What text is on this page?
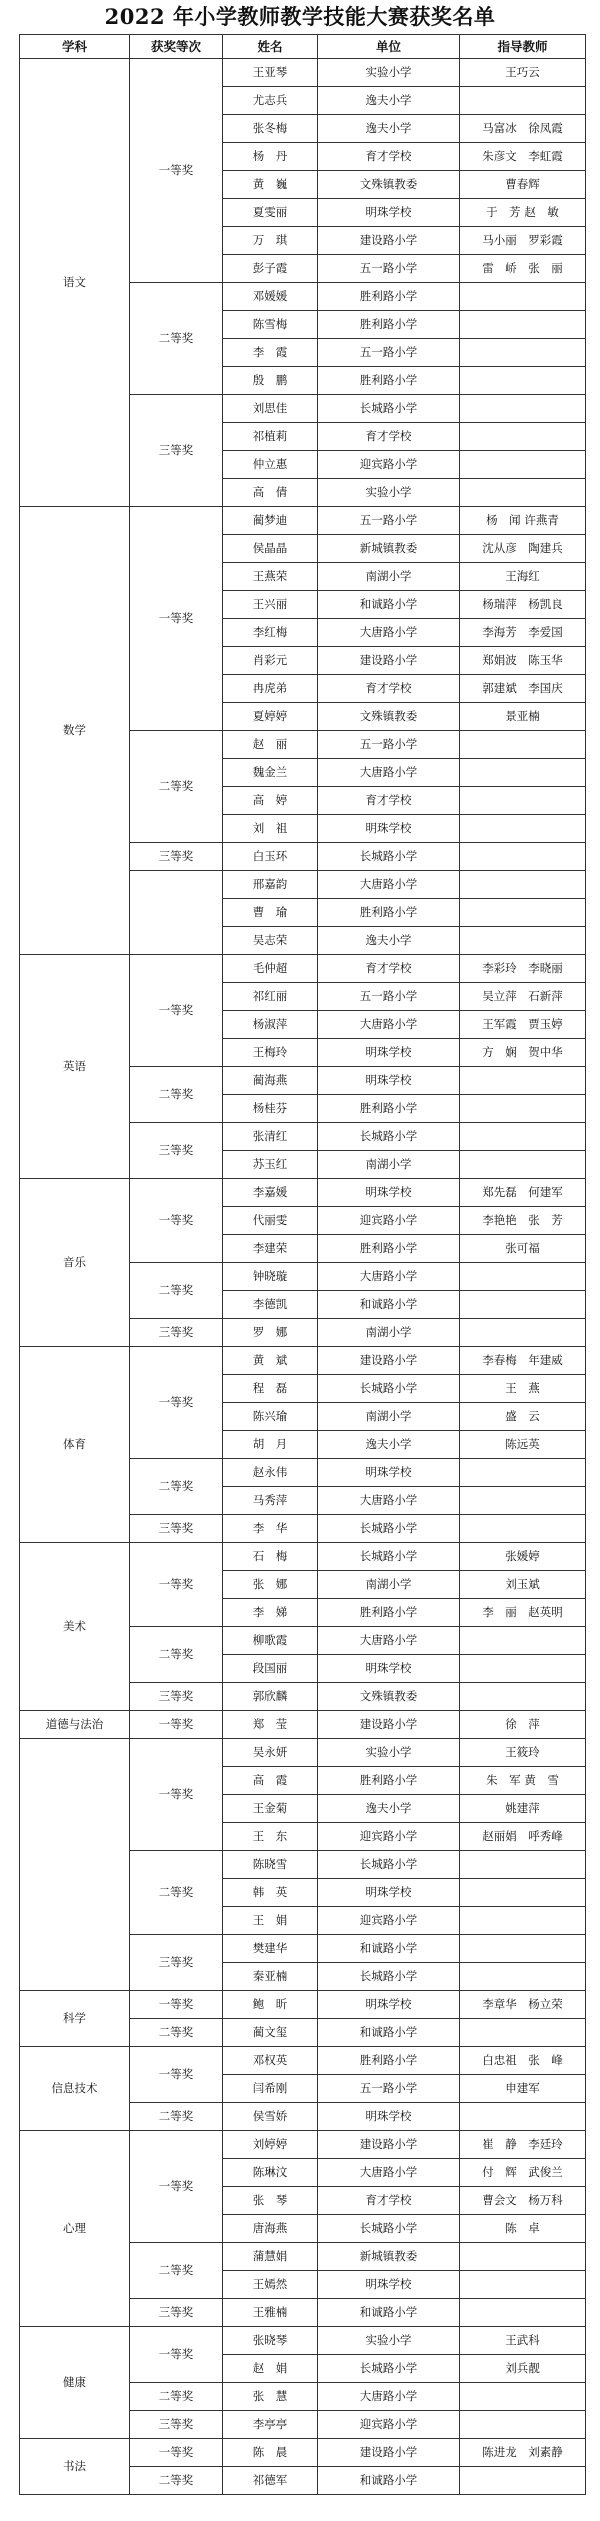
2022 年小学教师教学技能大赛获奖名单
学科	获奖等次	姓名	单位	指导教师
语文	一等奖	王亚琴	实验小学	王巧云
		尤志兵	逸夫小学	
		张冬梅	逸夫小学	马富冰　徐凤霞
		杨　丹	育才学校	朱彦文　李虹霞
		黄　巍	文殊镇教委	曹春辉
		夏雯丽	明珠学校	于　芳 赵　敏
		万　琪	建设路小学	马小丽　罗彩霞
		彭子霞	五一路小学	雷　峤　张　丽
	二等奖	邓媛媛	胜利路小学	
		陈雪梅	胜利路小学	
		李　霞	五一路小学	
		殷　鹏	胜利路小学	
	三等奖	刘思佳	长城路小学	
		祁植莉	育才学校	
		仲立惠	迎宾路小学	
		高　倩	实验小学	
数学	一等奖	蔺梦迪	五一路小学	杨　闻 许燕青
		侯晶晶	新城镇教委	沈从彦　陶建兵
		王燕荣	南湖小学	王海红
		王兴丽	和诚路小学	杨瑞萍　杨凯良
		李红梅	大唐路小学	李海芳　李爱国
		肖彩元	建设路小学	郑娟波　陈玉华
		冉虎弟	育才学校	郭建斌　李国庆
		夏婷婷	文殊镇教委	景亚楠
	二等奖	赵　丽	五一路小学	
		魏金兰	大唐路小学	
		高　婷	育才学校	
		刘　祖	明珠学校	
	三等奖	白玉环	长城路小学	
		邢嘉韵	大唐路小学	
		曹　瑜	胜利路小学	
		吴志荣	逸夫小学	
英语	一等奖	毛仲超	育才学校	李彩玲　李晓丽
		祁红丽	五一路小学	吴立萍　石新萍
		杨淑萍	大唐路小学	王军霞　贾玉婷
		王梅玲	明珠学校	方　娴　贺中华
	二等奖	蔺海燕	明珠学校	
		杨桂芬	胜利路小学	
	三等奖	张清红	长城路小学	
		苏玉红	南湖小学	
音乐	一等奖	李嘉媛	明珠学校	郑先磊　何建军
		代丽雯	迎宾路小学	李艳艳　张　芳
		李建荣	胜利路小学	张可福
	二等奖	钟晓璇	大唐路小学	
		李德凯	和诚路小学	
	三等奖	罗　娜	南湖小学	
体育	一等奖	黄　斌	建设路小学	李春梅　年建威
		程　磊	长城路小学	王　燕
		陈兴瑜	南湖小学	盛　云
		胡　月	逸夫小学	陈远英
	二等奖	赵永伟	明珠学校	
		马秀萍	大唐路小学	
	三等奖	李　华	长城路小学	
美术	一等奖	石　梅	长城路小学	张媛婷
		张　娜	南湖小学	刘玉斌
		李　娣	胜利路小学	李　丽　赵英明
	二等奖	柳歌霞	大唐路小学	
		段国丽	明珠学校	
	三等奖	郭欣麟	文殊镇教委	
道德与法治	一等奖	郑　莹	建设路小学	徐　萍
	一等奖	吴永妍	实验小学	王筱玲
		高　霞	胜利路小学	朱　军 黄　雪
		王金菊	逸夫小学	姚建萍
		王　东	迎宾路小学	赵丽娟　呼秀峰
	二等奖	陈晓雪	长城路小学	
		韩　英	明珠学校	
		王　娟	迎宾路小学	
	三等奖	樊建华	和诚路小学	
		秦亚楠	长城路小学	
科学	一等奖	鲍　昕	明珠学校	李章华　杨立荣
	二等奖	蔺文玺	和诚路小学	
信息技术	一等奖	邓权英	胜利路小学	白忠祖　张　峰
		闫希刚	五一路小学	申建军
	二等奖	侯雪娇	明珠学校	
心理	一等奖	刘婷婷	建设路小学	崔　静　李廷玲
		陈琳汶	大唐路小学	付　辉　武俊兰
		张　琴	育才学校	曹会文　杨万科
		唐海燕	长城路小学	陈　卓
	二等奖	蒲慧娟	新城镇教委	
		王嫣然	明珠学校	
	三等奖	王雅楠	和诚路小学	
健康	一等奖	张晓琴	实验小学	王武科
		赵　娟	长城路小学	刘兵靓
	二等奖	张　慧	大唐路小学	
	三等奖	李亭亭	迎宾路小学	
书法	一等奖	陈　晨	建设路小学	陈进龙　刘素静
	二等奖	祁德军	和诚路小学	
